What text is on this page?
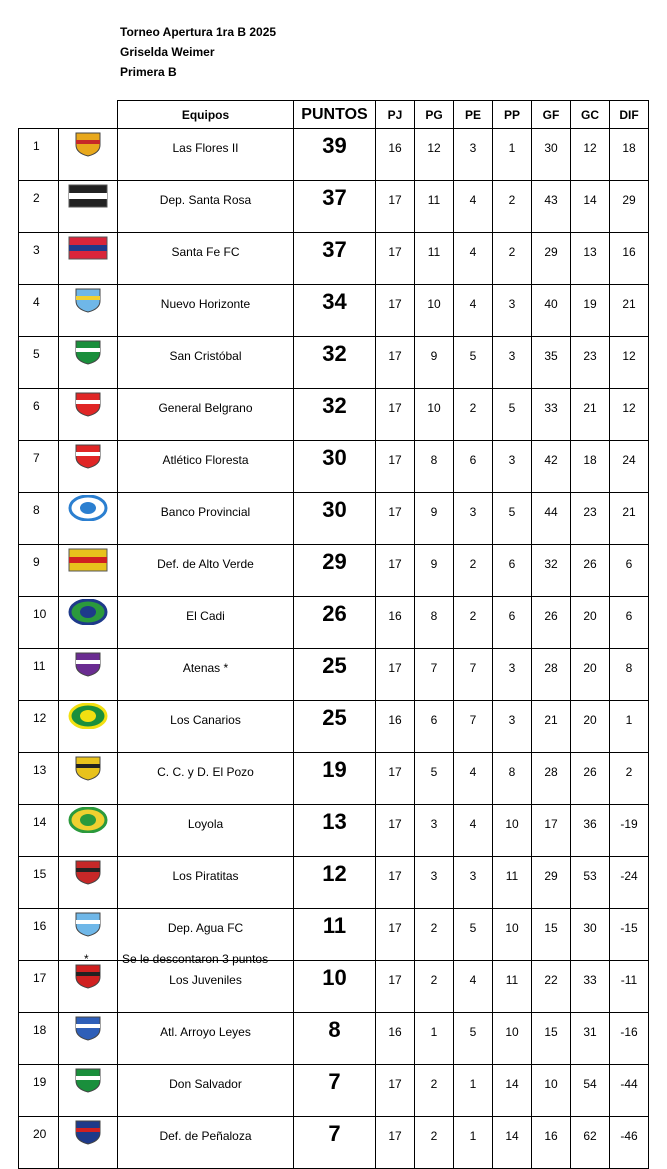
Torneo Apertura 1ra B 2025
Griselda Weimer
Primera B
		Equipos	PUNTOS	PJ	PG	PE	PP	GF	GC	DIF
1		Las Flores II	39	16	12	3	1	30	12	18
2		Dep. Santa Rosa	37	17	11	4	2	43	14	29
3		Santa Fe FC	37	17	11	4	2	29	13	16
4		Nuevo Horizonte	34	17	10	4	3	40	19	21
5		San Cristóbal	32	17	9	5	3	35	23	12
6		General Belgrano	32	17	10	2	5	33	21	12
7		Atlético Floresta	30	17	8	6	3	42	18	24
8		Banco Provincial	30	17	9	3	5	44	23	21
9		Def. de Alto Verde	29	17	9	2	6	32	26	6
10		El Cadi	26	16	8	2	6	26	20	6
11		Atenas *	25	17	7	7	3	28	20	8
12		Los Canarios	25	16	6	7	3	21	20	1
13		C. C. y D. El Pozo	19	17	5	4	8	28	26	2
14		Loyola	13	17	3	4	10	17	36	-19
15		Los Piratitas	12	17	3	3	11	29	53	-24
16		Dep. Agua FC	11	17	2	5	10	15	30	-15
17		Los Juveniles	10	17	2	4	11	22	33	-11
18		Atl. Arroyo Leyes	8	16	1	5	10	15	31	-16
19		Don Salvador	7	17	2	1	14	10	54	-44
20		Def. de Peñaloza	7	17	2	1	14	16	62	-46
*	Se le descontaron 3 puntos
